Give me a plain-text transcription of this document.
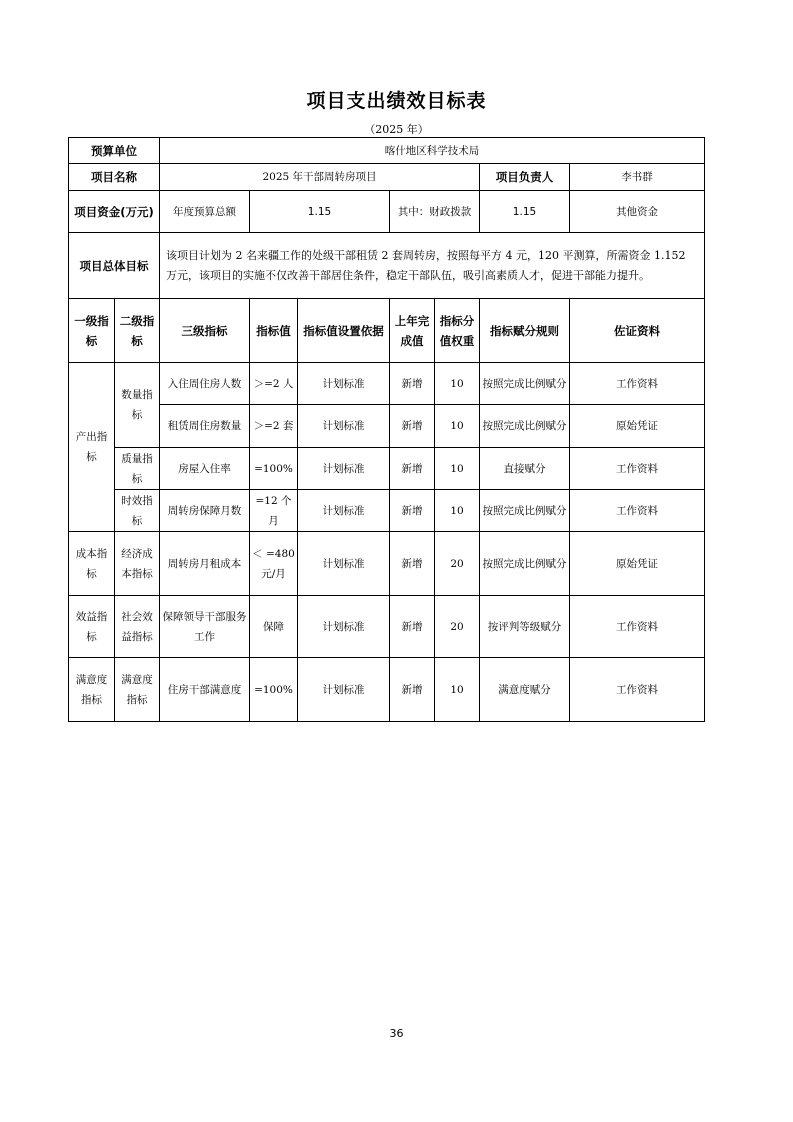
项目支出绩效目标表
（2025 年）
预算单位		喀什地区科学技术局							
项目名称		2025 年干部周转房项目					项目负责人	李书群	
项目资金(万元)		年度预算总额	1.15		其中：财政拨款		1.15	其他资金	
项目总体目标		该项目计划为 2 名来疆工作的处级干部租赁 2 套周转房，按照每平方 4 元，120 平测算，所需资金 1.152 万元，该项目的实施不仅改善干部居住条件，稳定干部队伍，吸引高素质人才，促进干部能力提升。							
一级指标	二级指标	三级指标	指标值	指标值设置依据	上年完成值	指标分值权重	指标赋分规则	佐证资料	
产出指标	数量指标	入住周住房人数	＞=2 人	计划标准	新增	10	按照完成比例赋分	工作资料	
		租赁周住房数量	＞=2 套	计划标准	新增	10	按照完成比例赋分	原始凭证	
	质量指标	房屋入住率	=100%	计划标准	新增	10	直接赋分	工作资料	
	时效指标	周转房保障月数	=12 个月	计划标准	新增	10	按照完成比例赋分	工作资料	
成本指标	经济成本指标	周转房月租成本	＜ =480 元/月	计划标准	新增	20	按照完成比例赋分	原始凭证	
效益指标	社会效益指标	保障领导干部服务工作	保障	计划标准	新增	20	按评判等级赋分	工作资料	
满意度指标	满意度指标	住房干部满意度	=100%	计划标准	新增	10	满意度赋分	工作资料	
36
